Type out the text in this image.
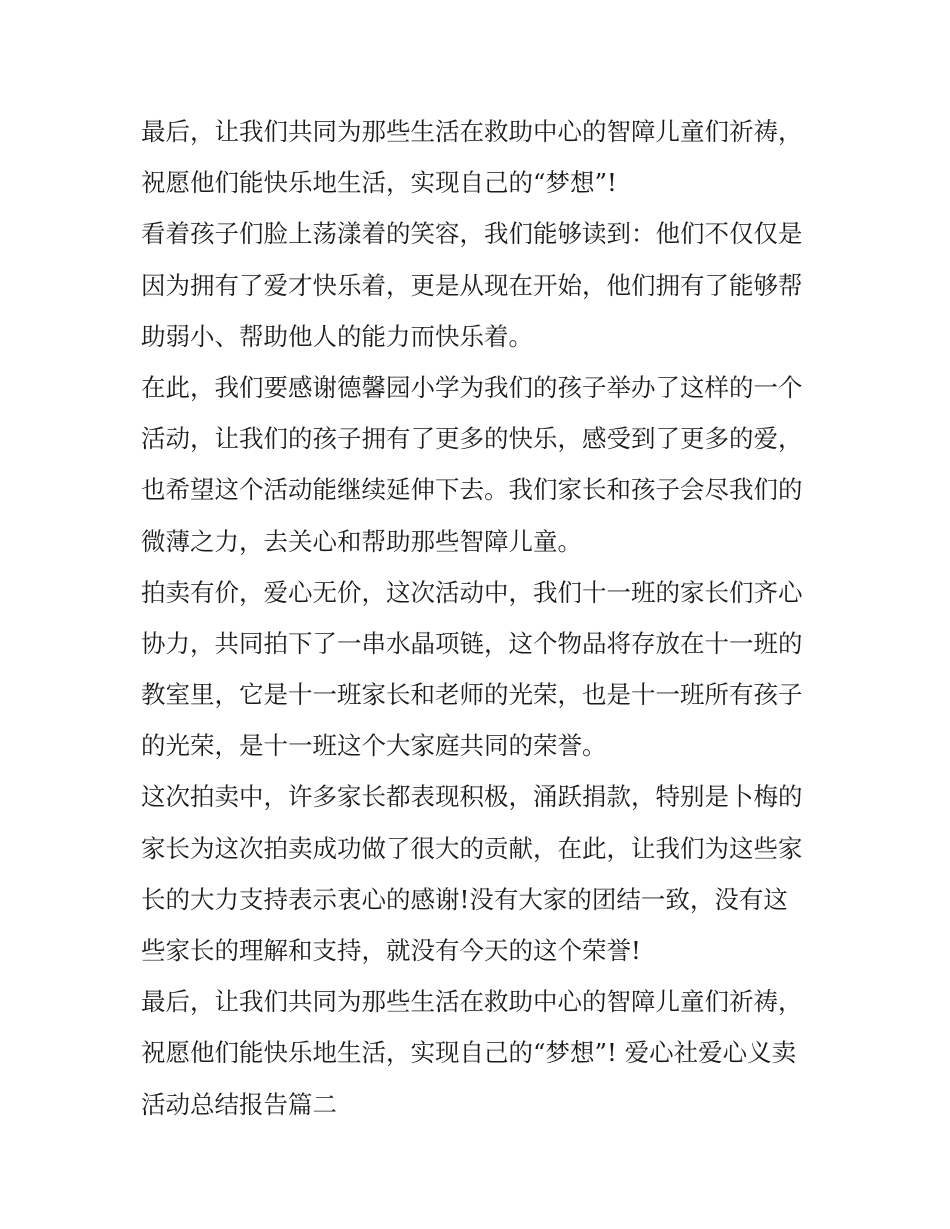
最后，让我们共同为那些生活在救助中心的智障儿童们祈祷，
祝愿他们能快乐地生活，实现自己的“梦想”!
看着孩子们脸上荡漾着的笑容，我们能够读到：他们不仅仅是
因为拥有了爱才快乐着，更是从现在开始，他们拥有了能够帮
助弱小、帮助他人的能力而快乐着。
在此，我们要感谢德馨园小学为我们的孩子举办了这样的一个
活动，让我们的孩子拥有了更多的快乐，感受到了更多的爱，
也希望这个活动能继续延伸下去。我们家长和孩子会尽我们的
微薄之力，去关心和帮助那些智障儿童。
拍卖有价，爱心无价，这次活动中，我们十一班的家长们齐心
协力，共同拍下了一串水晶项链，这个物品将存放在十一班的
教室里，它是十一班家长和老师的光荣，也是十一班所有孩子
的光荣，是十一班这个大家庭共同的荣誉。
这次拍卖中，许多家长都表现积极，涌跃捐款，特别是卜梅的
家长为这次拍卖成功做了很大的贡献，在此，让我们为这些家
长的大力支持表示衷心的感谢!没有大家的团结一致，没有这
些家长的理解和支持，就没有今天的这个荣誉!
最后，让我们共同为那些生活在救助中心的智障儿童们祈祷，
祝愿他们能快乐地生活，实现自己的“梦想”! 爱心社爱心义卖
活动总结报告篇二
